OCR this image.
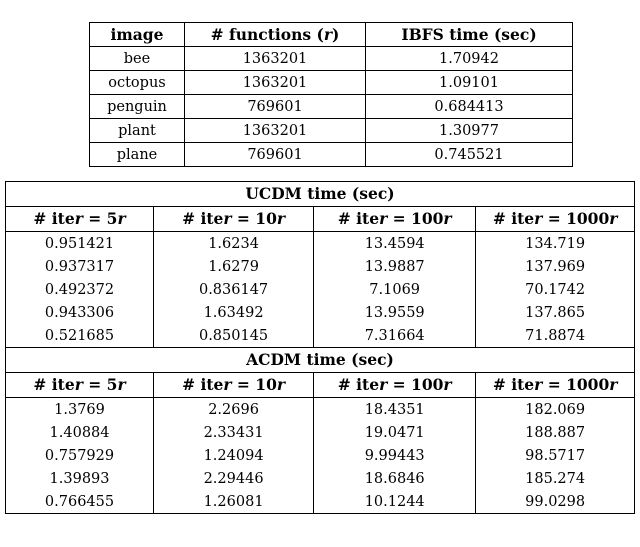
image	# functions (r)	IBFS time (sec)
bee	1363201	1.70942
octopus	1363201	1.09101
penguin	769601	0.684413
plant	1363201	1.30977
plane	769601	0.745521
UCDM time (sec)			
# iter = 5r	# iter = 10r	# iter = 100r	# iter = 1000r
0.951421	1.6234	13.4594	134.719
0.937317	1.6279	13.9887	137.969
0.492372	0.836147	7.1069	70.1742
0.943306	1.63492	13.9559	137.865
0.521685	0.850145	7.31664	71.8874
ACDM time (sec)			
# iter = 5r	# iter = 10r	# iter = 100r	# iter = 1000r
1.3769	2.2696	18.4351	182.069
1.40884	2.33431	19.0471	188.887
0.757929	1.24094	9.99443	98.5717
1.39893	2.29446	18.6846	185.274
0.766455	1.26081	10.1244	99.0298
